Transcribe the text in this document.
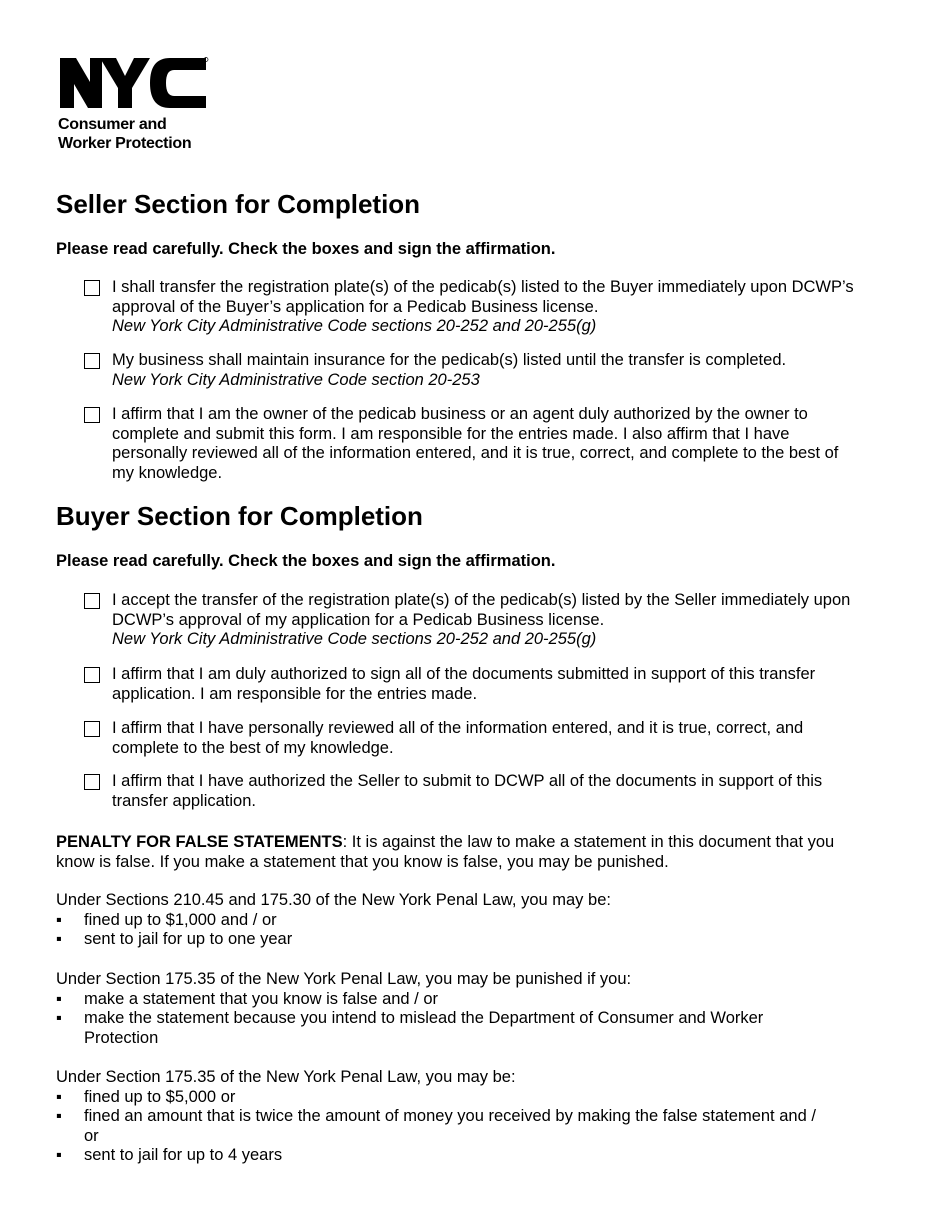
Consumer and
Worker Protection
Seller Section for Completion

Please read carefully. Check the boxes and sign the affirmation.

I shall transfer the registration plate(s) of the pedicab(s) listed to the Buyer immediately upon DCWP’s approval of the Buyer’s application for a Pedicab Business license.
New York City Administrative Code sections 20-252 and 20-255(g)
My business shall maintain insurance for the pedicab(s) listed until the transfer is completed.
New York City Administrative Code section 20-253
I affirm that I am the owner of the pedicab business or an agent duly authorized by the owner to complete and submit this form. I am responsible for the entries made. I also affirm that I have personally reviewed all of the information entered, and it is true, correct, and complete to the best of my knowledge.
Buyer Section for Completion

Please read carefully. Check the boxes and sign the affirmation.

I accept the transfer of the registration plate(s) of the pedicab(s) listed by the Seller immediately upon DCWP’s approval of my application for a Pedicab Business license.
New York City Administrative Code sections 20-252 and 20-255(g)
I affirm that I am duly authorized to sign all of the documents submitted in support of this transfer application. I am responsible for the entries made.
I affirm that I have personally reviewed all of the information entered, and it is true, correct, and complete to the best of my knowledge.
I affirm that I have authorized the Seller to submit to DCWP all of the documents in support of this transfer application.

PENALTY FOR FALSE STATEMENTS: It is against the law to make a statement in this document that you know is false. If you make a statement that you know is false, you may be punished.

Under Sections 210.45 and 175.30 of the New York Penal Law, you may be:

▪ fined up to $1,000 and / or
▪ sent to jail for up to one year

Under Section 175.35 of the New York Penal Law, you may be punished if you:

▪ make a statement that you know is false and / or
▪ make the statement because you intend to mislead the Department of Consumer and Worker Protection

Under Section 175.35 of the New York Penal Law, you may be:

▪ fined up to $5,000 or
▪ fined an amount that is twice the amount of money you received by making the false statement and / or
▪ sent to jail for up to 4 years
